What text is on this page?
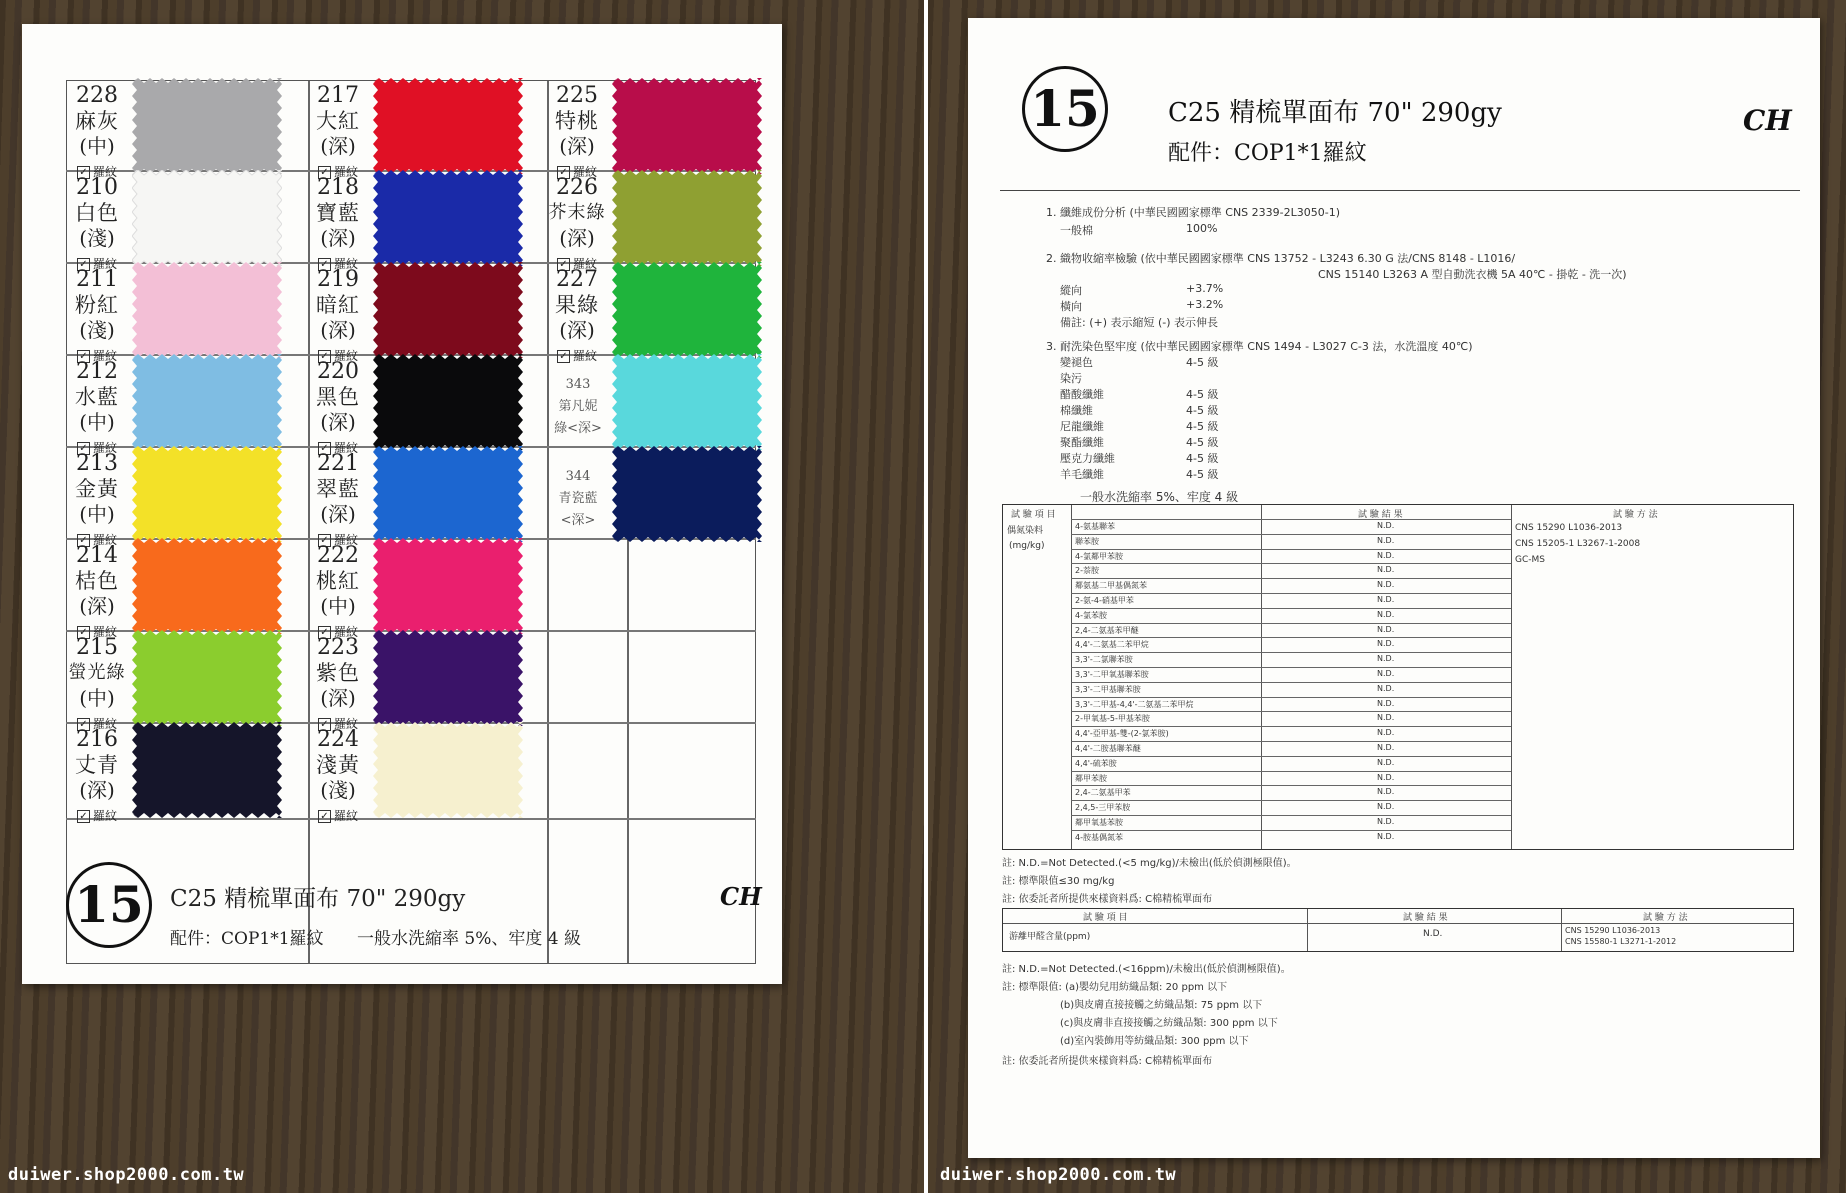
228
麻灰
(中)
✓ 羅紋
210
白色
(淺)
✓ 羅紋
211
粉紅
(淺)
✓ 羅紋
212
水藍
(中)
✓ 羅紋
213
金黃
(中)
✓ 羅紋
214
桔色
(深)
✓ 羅紋
215
螢光綠
(中)
✓ 羅紋
216
丈青
(深)
✓ 羅紋
217
大紅
(深)
✓ 羅紋
218
寶藍
(深)
✓ 羅紋
219
暗紅
(深)
✓ 羅紋
220
黑色
(深)
✓ 羅紋
221
翠藍
(深)
✓ 羅紋
222
桃紅
(中)
✓ 羅紋
223
紫色
(深)
✓ 羅紋
224
淺黃
(淺)
✓ 羅紋
225
特桃
(深)
✓ 羅紋
226
芥末綠
(深)
✓ 羅紋
227
果綠
(深)
✓ 羅紋
343
第凡妮
綠<深>
344
青瓷藍
<深>
15	C25 精梳單面布 70" 290gy
配件：COP1*1羅紋 一般水洗縮率 5%、牢度 4 級
CH
duiwer.shop2000.com.tw
15	C25 精梳單面布 70" 290gy
配件：COP1*1羅紋
CH
1. 纖維成份分析 (中華民國國家標準 CNS 2339-2L3050-1)
一般棉	100%
2. 織物收縮率檢驗 (依中華民國國家標準 CNS 13752 - L3243 6.30 G 法/CNS 8148 - L1016/
CNS 15140 L3263 A 型自動洗衣機 5A 40℃ - 掛乾 - 洗一次)
縱向	+3.7%
橫向	+3.2%
備註: (+) 表示縮短 (-) 表示伸長
3. 耐洗染色堅牢度 (依中華民國國家標準 CNS 1494 - L3027 C-3 法，水洗溫度 40℃)
變褪色	4-5 級
染污
醋酸纖維	4-5 級
棉纖維	4-5 級
尼龍纖維	4-5 級
聚酯纖維	4-5 級
壓克力纖維	4-5 級
羊毛纖維	4-5 級
一般水洗縮率 5%、牢度 4 級
試 驗 項 目	試 驗 結 果	試 驗 方 法
偶氮染料
(mg/kg)
CNS 15290 L1036-2013
CNS 15205-1 L3267-1-2008
GC-MS
4-氨基聯苯	N.D.
聯苯胺	N.D.
4-氯鄰甲苯胺	N.D.
2-萘胺	N.D.
鄰氨基二甲基偶氮苯	N.D.
2-氨-4-硝基甲苯	N.D.
4-氯苯胺	N.D.
2,4-二氨基苯甲醚	N.D.
4,4'-二氨基二苯甲烷	N.D.
3,3'-二氯聯苯胺	N.D.
3,3'-二甲氧基聯苯胺	N.D.
3,3'-二甲基聯苯胺	N.D.
3,3'-二甲基-4,4'-二氨基二苯甲烷	N.D.
2-甲氧基-5-甲基苯胺	N.D.
4,4'-亞甲基-雙-(2-氯苯胺)	N.D.
4,4'-二胺基聯苯醚	N.D.
4,4'-硫苯胺	N.D.
鄰甲苯胺	N.D.
2,4-二氨基甲苯	N.D.
2,4,5-三甲苯胺	N.D.
鄰甲氧基苯胺	N.D.
4-胺基偶氮苯	N.D.
註: N.D.=Not Detected.(<5 mg/kg)/未檢出(低於偵測極限值)。
註: 標準限值≤30 mg/kg
註: 依委託者所提供來樣資料爲: C棉精梳單面布
試 驗 項 目	試 驗 結 果	試 驗 方 法
游離甲醛含量(ppm)	N.D.	CNS 15290 L1036-2013
CNS 15580-1 L3271-1-2012
註: N.D.=Not Detected.(<16ppm)/未檢出(低於偵測極限值)。
註: 標準限值: (a)嬰幼兒用紡織品類: 20 ppm 以下
(b)與皮膚直接接觸之紡織品類: 75 ppm 以下
(c)與皮膚非直接接觸之紡織品類: 300 ppm 以下
(d)室內裝飾用等紡織品類: 300 ppm 以下
註: 依委託者所提供來樣資料爲: C棉精梳單面布
duiwer.shop2000.com.tw
